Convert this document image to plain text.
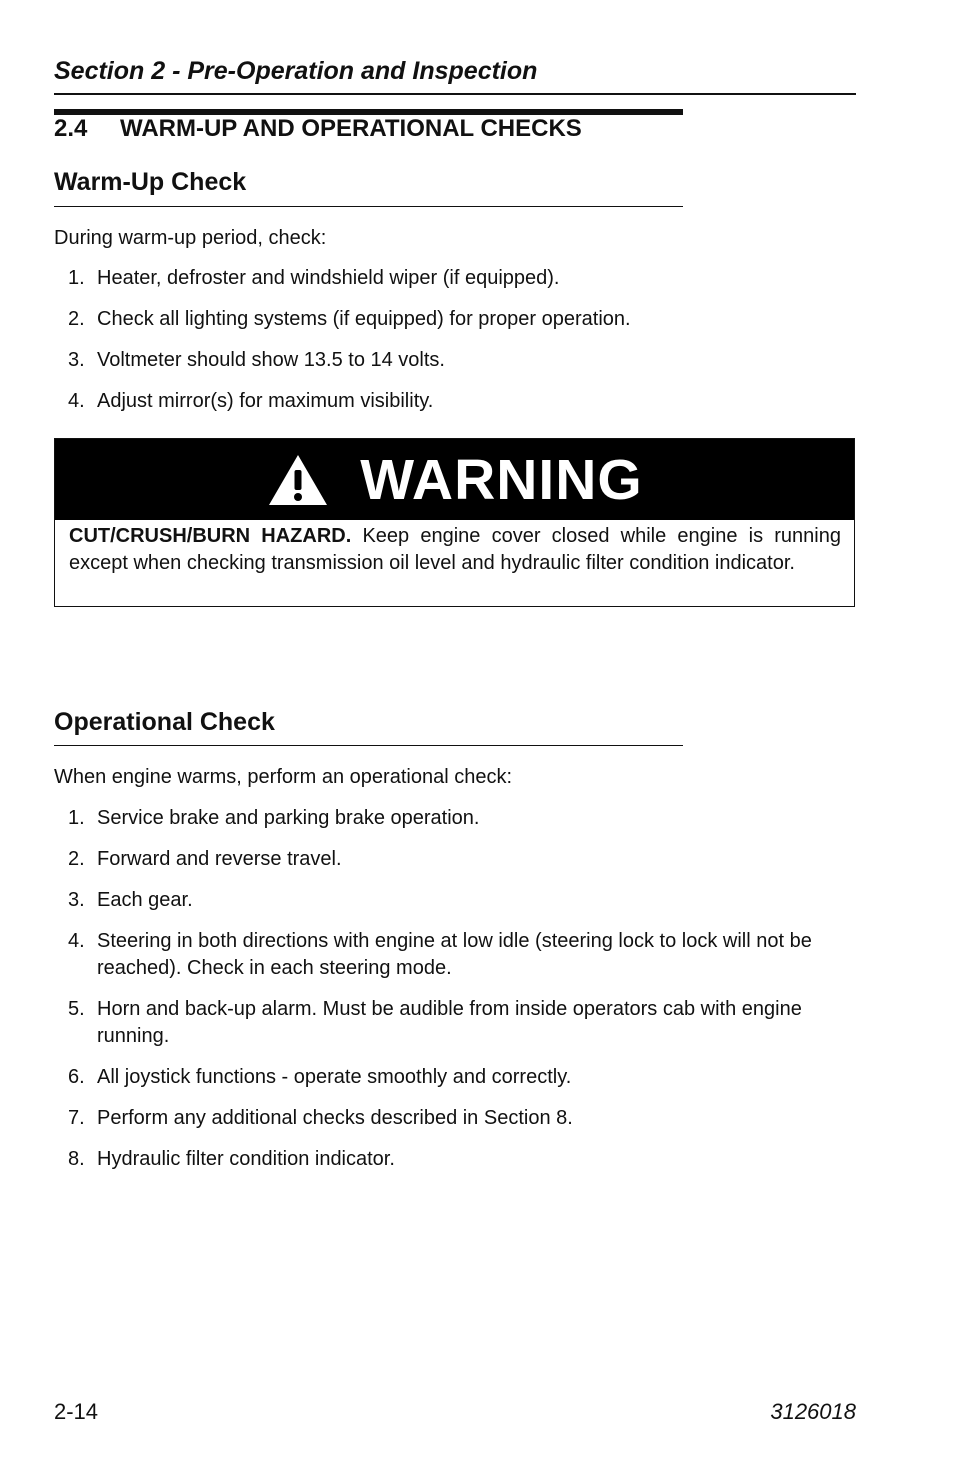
Section 2 - Pre-Operation and Inspection

2.4 WARM-UP AND OPERATIONAL CHECKS
Warm-Up Check

During warm-up period, check:

1. Heater, defroster and windshield wiper (if equipped).
2. Check all lighting systems (if equipped) for proper operation.
3. Voltmeter should show 13.5 to 14 volts.
4. Adjust mirror(s) for maximum visibility.
WARNING

CUT/CRUSH/BURN HAZARD. Keep engine cover closed while engine is running except when checking transmission oil level and hydraulic filter condition indicator.

Operational Check

When engine warms, perform an operational check:

1. Service brake and parking brake operation.
2. Forward and reverse travel.
3. Each gear.
4. Steering in both directions with engine at low idle (steering lock to lock will not be reached). Check in each steering mode.
5. Horn and back-up alarm. Must be audible from inside operators cab with engine running.
6. All joystick functions - operate smoothly and correctly.
7. Perform any additional checks described in Section 8.
8. Hydraulic filter condition indicator.

2-14	3126018
